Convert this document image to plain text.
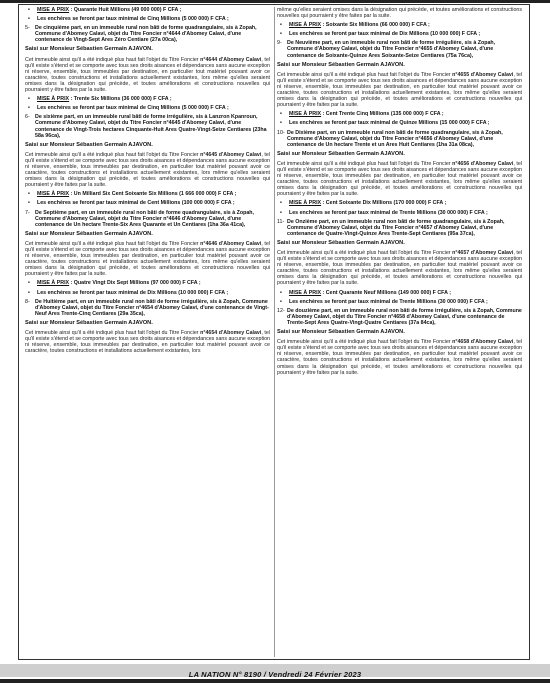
• MISE À PRIX : Quarante Huit Millions (49 000 000) F CFA ;
• Les enchères se feront par taux minimal de Cinq Millions (5 000 000) F CFA ;
5- De cinquième part, en un immeuble rural non bâti de forme quadrangulaire, sis à Zopah, Commune d'Abomey Calavi, objet du Titre Foncier n°4644 d'Abomey Calavi, d'une contenance de Vingt-Sept Ares Zéro Centiare (27a 00ca),
Saisi sur Monsieur Sébastien Germain AJAVON.
Cet immeuble ainsi qu'il a été indiqué plus haut fait l'objet du Titre Foncier n°4644 d'Abomey Calavi, tel qu'il existe s'étend et se comporte avec tous ses droits aisances et dépendances sans aucune exception ni réserve, ensemble, tous immeubles par destination, en particulier tout matériel pouvant avoir ce caractère, toutes constructions et installations actuellement existantes, lors même qu'elles seraient omises dans la désignation qui précède, et toutes améliorations et constructions nouvelles qui pourraient y être faites par la suite.
• MISE À PRIX : Trente Six Millions (36 000 000) F CFA ;
• Les enchères se feront par taux minimal de Cinq Millions (5 000 000) F CFA ;
6- De sixième part, en un immeuble rural bâti de forme irrégulière, sis à Lanzron Kpanroun, Commune d'Abomey Calavi, objet du Titre Foncier n°4645 d'Abomey Calavi, d'une contenance de Vingt-Trois hectares Cinquante-Huit Ares Quatre-Vingt-Seize Centiares (23ha 58a 96ca),
Saisi sur Monsieur Sébastien Germain AJAVON.
Cet immeuble ainsi qu'il a été indiqué plus haut fait l'objet du Titre Foncier n°4645 d'Abomey Calavi, tel qu'il existe s'étend et se comporte avec tous ses droits aisances et dépendances sans aucune exception ni réserve, ensemble, tous immeubles par destination, en particulier tout matériel pouvant avoir ce caractère, toutes constructions et installations actuellement existantes, lors même qu'elles seraient omises dans la désignation qui précède, et toutes améliorations et constructions nouvelles qui pourraient y être faites par la suite.
• MISE À PRIX : Un Milliard Six Cent Soixante Six Millions (1 666 000 000) F CFA ;
• Les enchères se feront par taux minimal de Cent Millions (100 000 000) F CFA ;
7- De Septième part, en un immeuble rural non bâti de forme quadrangulaire, sis à Zopah, Commune d'Abomey Calavi, objet du Titre Foncier n°4646 d'Abomey Calavi, d'une contenance de Un hectare Trente-Six Ares Quarante et Un Centiares (1ha 36a 41ca),
Saisi sur Monsieur Sébastien Germain AJAVON.
Cet immeuble ainsi qu'il a été indiqué plus haut fait l'objet du Titre Foncier n°4646 d'Abomey Calavi, tel qu'il existe s'étend et se comporte avec tous ses droits aisances et dépendances sans aucune exception ni réserve, ensemble, tous immeubles par destination, en particulier tout matériel pouvant avoir ce caractère, toutes constructions et installations actuellement existantes, lors même qu'elles seraient omises dans la désignation qui précède, et toutes améliorations et constructions nouvelles qui pourraient y être faites par la suite.
• MISE À PRIX : Quatre Vingt Dix Sept Millions (97 000 000) F CFA ;
• Les enchères se feront par taux minimal de Dix Millions (10 000 000) F CFA ;
8- De Huitième part, en un immeuble rural non bâti de forme irrégulière, sis à Zopah, Commune d'Abomey Calavi, objet du Titre Foncier n°4654 d'Abomey Calavi, d'une contenance de Vingt-Neuf Ares Trente-Cinq Centiares (29a 35ca),
Saisi sur Monsieur Sébastien Germain AJAVON.
Cet immeuble ainsi qu'il a été indiqué plus haut fait l'objet du Titre Foncier n°4654 d'Abomey Calavi, tel qu'il existe s'étend et se comporte avec tous ses droits aisances et dépendances sans aucune exception ni réserve, ensemble, tous immeubles par destination, en particulier tout matériel pouvant avoir ce caractère, toutes constructions et installations actuellement existantes, lors
même qu'elles seraient omises dans la désignation qui précède, et toutes améliorations et constructions nouvelles qui pourraient y être faites par la suite.
• MISE À PRIX : Soixante Six Millions (66 000 000) F CFA ;
• Les enchères se feront par taux minimal de Dix Millions (10 000 000) F CFA ;
9- De Neuvième part, en un immeuble rural non bâti de forme irrégulière, sis à Zopah, Commune d'Abomey Calavi, objet du Titre Foncier n°4655 d'Abomey Calavi, d'une contenance de Soixante-Quinze Ares Soixante-Seize Centiares (75a 76ca),
Saisi sur Monsieur Sébastien Germain AJAVON.
Cet immeuble ainsi qu'il a été indiqué plus haut fait l'objet du Titre Foncier n°4655 d'Abomey Calavi, tel qu'il existe s'étend et se comporte avec tous ses droits aisances et dépendances sans aucune exception ni réserve, ensemble, tous immeubles par destination, en particulier tout matériel pouvant avoir ce caractère, toutes constructions et installations actuellement existantes, lors même qu'elles seraient omises dans la désignation qui précède, et toutes améliorations et constructions nouvelles qui pourraient y être faites par la suite.
• MISE À PRIX : Cent Trente Cinq Millions (135 000 000) F CFA ;
• Les enchères se feront par taux minimal de Quinze Millions (15 000 000) F CFA ;
10- De Dixième part, en un immeuble rural non bâti de forme quadrangulaire, sis à Zopah, Commune d'Abomey Calavi, objet du Titre Foncier n°4656 d'Abomey Calavi, d'une contenance de Un hectare Trente et un Ares Huit Centiares (1ha 31a 08ca),
Saisi sur Monsieur Sébastien Germain AJAVON.
Cet immeuble ainsi qu'il a été indiqué plus haut fait l'objet du Titre Foncier n°4656 d'Abomey Calavi, tel qu'il existe s'étend et se comporte avec tous ses droits aisances et dépendances sans aucune exception ni réserve, ensemble, tous immeubles par destination, en particulier tout matériel pouvant avoir ce caractère, toutes constructions et installations actuellement existantes, lors même qu'elles seraient omises dans la désignation qui précède, et toutes améliorations et constructions nouvelles qui pourraient y être faites par la suite.
• MISE À PRIX : Cent Soixante Dix Millions (170 000 000) F CFA ;
• Les enchères se feront par taux minimal de Trente Millions (30 000 000) F CFA ;
11- De Onzième part, en un immeuble rural non bâti de forme quadrangulaire, sis à Zopah, Commune d'Abomey Calavi, objet du Titre Foncier n°4657 d'Abomey Calavi, d'une contenance de Quatre-Vingt-Quinze Ares Trente-Sept Centiares (95a 37ca),
Saisi sur Monsieur Sébastien Germain AJAVON.
Cet immeuble ainsi qu'il a été indiqué plus haut fait l'objet du Titre Foncier n°4657 d'Abomey Calavi, tel qu'il existe s'étend et se comporte avec tous ses droits aisances et dépendances sans aucune exception ni réserve, ensemble, tous immeubles par destination, en particulier tout matériel pouvant avoir ce caractère, toutes constructions et installations actuellement existantes, lors même qu'elles seraient omises dans la désignation qui précède, et toutes améliorations et constructions nouvelles qui pourraient y être faites par la suite.
• MISE À PRIX : Cent Quarante Neuf Millions (149 000 000) F CFA ;
• Les enchères se feront par taux minimal de Trente Millions (30 000 000) F CFA ;
12- De douzième part, en un immeuble rural non bâti de forme irrégulière, sis à Zopah, Commune d'Abomey Calavi, objet du Titre Foncier n°4658 d'Abomey Calavi, d'une contenance de Trente-Sept Ares Quatre-Vingt-Quatre Centiares (37a 84ca),
Saisi sur Monsieur Sébastien Germain AJAVON.
Cet immeuble ainsi qu'il a été indiqué plus haut fait l'objet du Titre Foncier n°4658 d'Abomey Calavi, tel qu'il existe s'étend et se comporte avec tous ses droits aisances et dépendances sans aucune exception ni réserve, ensemble, tous immeubles par destination, en particulier tout matériel pouvant avoir ce caractère, toutes constructions et installations actuellement existantes, lors même qu'elles seraient omises dans la désignation qui précède, et toutes améliorations et constructions nouvelles qui pourraient y être faites par la suite.
LA NATION N° 8190 / Vendredi 24 Février 2023
